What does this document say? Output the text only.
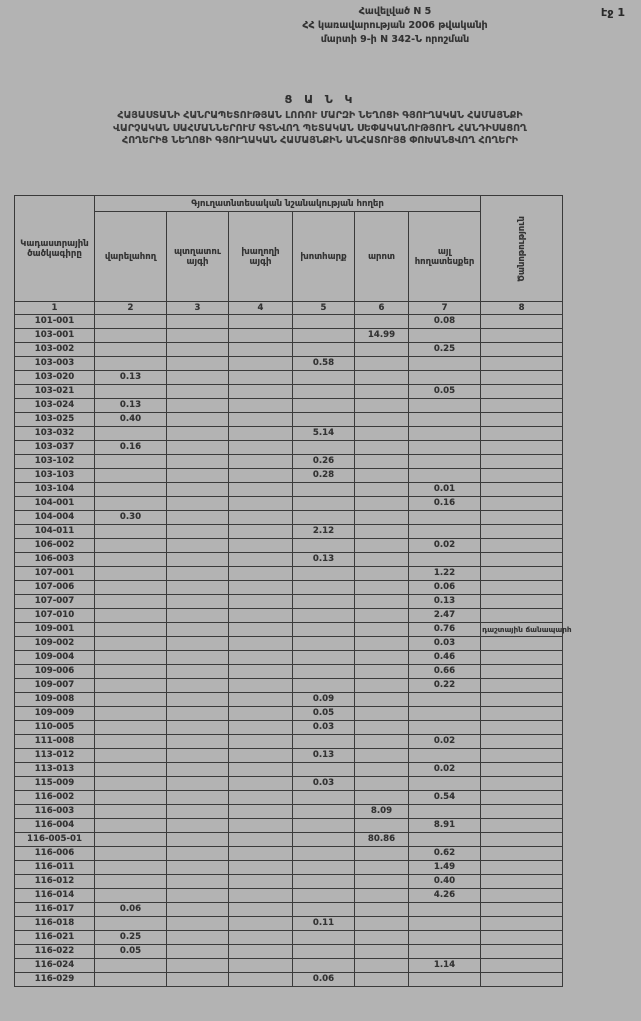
էջ 1
Հավելված N 5
ՀՀ կառավարության 2006 թվականի
մարտի 9-ի N 342-Ն որոշման
Ց Ա Ն Կ
ՀԱՅԱՍՏԱՆԻ ՀԱՆՐԱՊԵՏՈՒԹՅԱՆ ԼՈՌՈՒ ՄԱՐԶԻ ՆԵՂՈՑԻ ԳՅՈՒՂԱԿԱՆ ՀԱՄԱՅՆՔԻ
ՎԱՐՉԱԿԱՆ ՍԱՀՄԱՆՆԵՐՈՒՄ ԳՏՆՎՈՂ ՊԵՏԱԿԱՆ ՍԵՓԱԿԱՆՈՒԹՅՈՒՆ ՀԱՆԴԻՍԱՑՈՂ
ՀՈՂԵՐԻՑ ՆԵՂՈՑԻ ԳՅՈՒՂԱԿԱՆ ՀԱՄԱՅՆՔԻՆ ԱՆՀԱՏՈՒՅՑ ՓՈԽԱՆՑՎՈՂ ՀՈՂԵՐԻ
Կադաստրային ծածկագիրը	Գյուղատնտեսական նշանակության հողեր						Ծանոթություն

	վարելահող	պտղատու այգի	խաղողի այգի	խոտհարք	արոտ	այլ հողատեսքեր	
1	2	3	4	5	6	7	8
101-001						0.08	
103-001					14.99		
103-002						0.25	
103-003				0.58			
103-020	0.13						
103-021						0.05	
103-024	0.13						
103-025	0.40						
103-032				5.14			
103-037	0.16						
103-102				0.26			
103-103				0.28			
103-104						0.01	
104-001						0.16	
104-004	0.30						
104-011				2.12			
106-002						0.02	
106-003				0.13			
107-001						1.22	
107-006						0.06	
107-007						0.13	
107-010						2.47	
109-001						0.76	դաշտային ճանապարհ
109-002						0.03	
109-004						0.46	
109-006						0.66	
109-007						0.22	
109-008				0.09			
109-009				0.05			
110-005				0.03			
111-008						0.02	
113-012				0.13			
113-013						0.02	
115-009				0.03			
116-002						0.54	
116-003					8.09		
116-004						8.91	
116-005-01					80.86		
116-006						0.62	
116-011						1.49	
116-012						0.40	
116-014						4.26	
116-017	0.06						
116-018				0.11			
116-021	0.25						
116-022	0.05						
116-024						1.14	
116-029				0.06			
